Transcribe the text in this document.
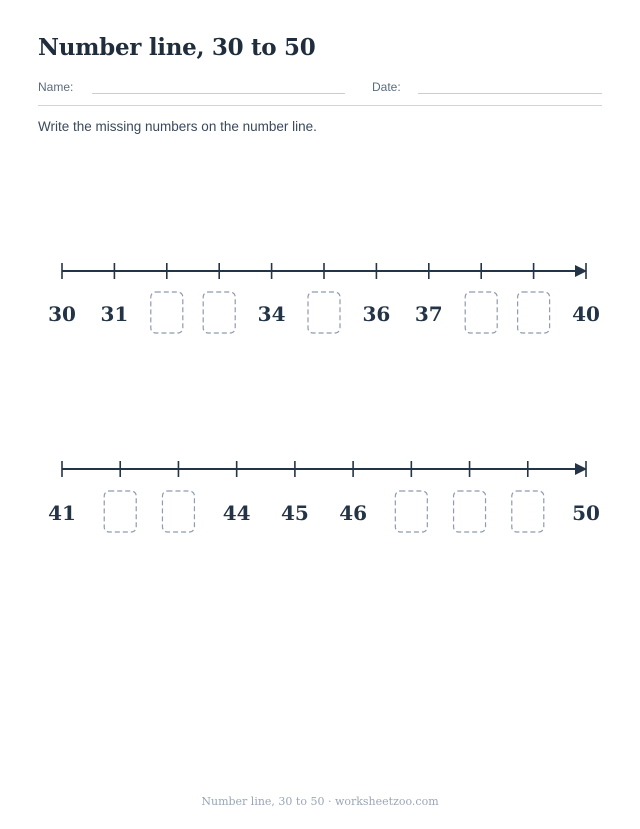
Number line, 30 to 50
Name:	Date:
Write the missing numbers on the number line.
30 31	34	36 37	40
41	44 45 46	50
Number line, 30 to 50 · worksheetzoo.com
